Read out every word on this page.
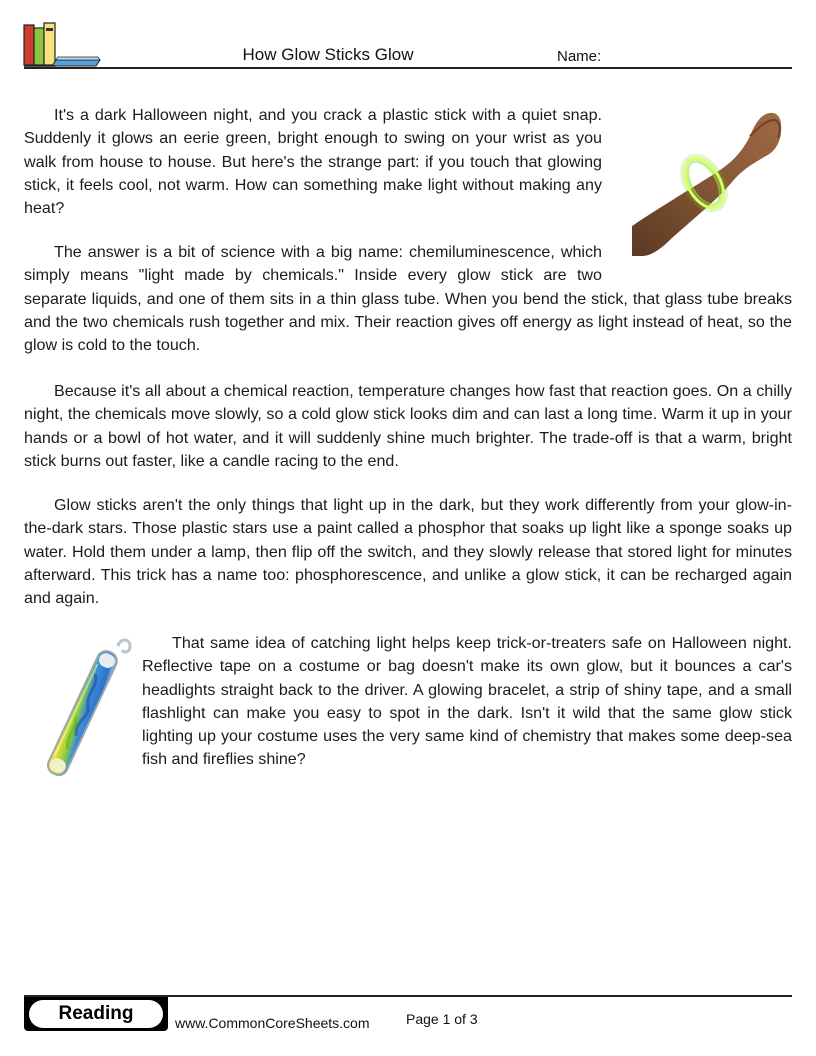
How Glow Sticks Glow	Name:

It's a dark Halloween night, and you crack a plastic stick with a quiet snap. Suddenly it glows an eerie green, bright enough to swing on your wrist as you walk from house to house. But here's the strange part: if you touch that glowing stick, it feels cool, not warm. How can something make light without making any heat?

The answer is a bit of science with a big name: chemiluminescence, which simply means "light made by chemicals." Inside every glow stick are two separate liquids, and one of them sits in a thin glass tube. When you bend the stick, that glass tube breaks and the two chemicals rush together and mix. Their reaction gives off energy as light instead of heat, so the glow is cold to the touch.

Because it's all about a chemical reaction, temperature changes how fast that reaction goes. On a chilly night, the chemicals move slowly, so a cold glow stick looks dim and can last a long time. Warm it up in your hands or a bowl of hot water, and it will suddenly shine much brighter. The trade-off is that a warm, bright stick burns out faster, like a candle racing to the end.

Glow sticks aren't the only things that light up in the dark, but they work differently from your glow-in-the-dark stars. Those plastic stars use a paint called a phosphor that soaks up light like a sponge soaks up water. Hold them under a lamp, then flip off the switch, and they slowly release that stored light for minutes afterward. This trick has a name too: phosphorescence, and unlike a glow stick, it can be recharged again and again.

That same idea of catching light helps keep trick-or-treaters safe on Halloween night. Reflective tape on a costume or bag doesn't make its own glow, but it bounces a car's headlights straight back to the driver. A glowing bracelet, a strip of shiny tape, and a small flashlight can make you easy to spot in the dark. Isn't it wild that the same glow stick lighting up your costume uses the very same kind of chemistry that makes some deep-sea fish and fireflies shine?

Reading	www.CommonCoreSheets.com	Page 1 of 3
